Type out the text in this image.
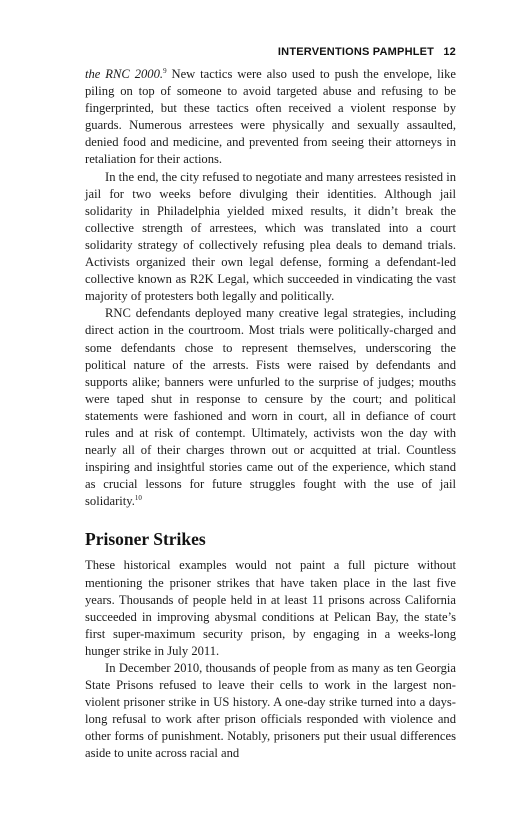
INTERVENTIONS PAMPHLET 12

the RNC 2000.$^9$ New tactics were also used to push the envelope, like piling on top of someone to avoid targeted abuse and refusing to be fingerprinted, but these tactics often received a violent response by guards. Numerous arrestees were physically and sexually assaulted, denied food and medicine, and prevented from seeing their attorneys in retaliation for their actions.

In the end, the city refused to negotiate and many arrestees resisted in jail for two weeks before divulging their identities. Although jail solidarity in Philadelphia yielded mixed results, it didn’t break the collective strength of arrestees, which was translated into a court solidarity strategy of collectively refusing plea deals to demand trials. Activists organized their own legal defense, forming a defendant-led collective known as R2K Legal, which succeeded in vindicating the vast majority of protesters both legally and politically.

RNC defendants deployed many creative legal strategies, including direct action in the courtroom. Most trials were politically-charged and some defendants chose to represent themselves, underscoring the political nature of the arrests. Fists were raised by defendants and supports alike; banners were unfurled to the surprise of judges; mouths were taped shut in response to censure by the court; and political statements were fashioned and worn in court, all in defiance of court rules and at risk of contempt. Ultimately, activists won the day with nearly all of their charges thrown out or acquitted at trial. Countless inspiring and insightful stories came out of the experience, which stand as crucial lessons for future struggles fought with the use of jail solidarity.$^{10}$

Prisoner Strikes

These historical examples would not paint a full picture without mentioning the prisoner strikes that have taken place in the last five years. Thousands of people held in at least 11 prisons across California succeeded in improving abysmal conditions at Pelican Bay, the state’s first super-maximum security prison, by engaging in a weeks-long hunger strike in July 2011.

In December 2010, thousands of people from as many as ten Georgia State Prisons refused to leave their cells to work in the largest non-violent prisoner strike in US history. A one-day strike turned into a days-long refusal to work after prison officials responded with violence and other forms of punishment. Notably, prisoners put their usual differences aside to unite across racial and
